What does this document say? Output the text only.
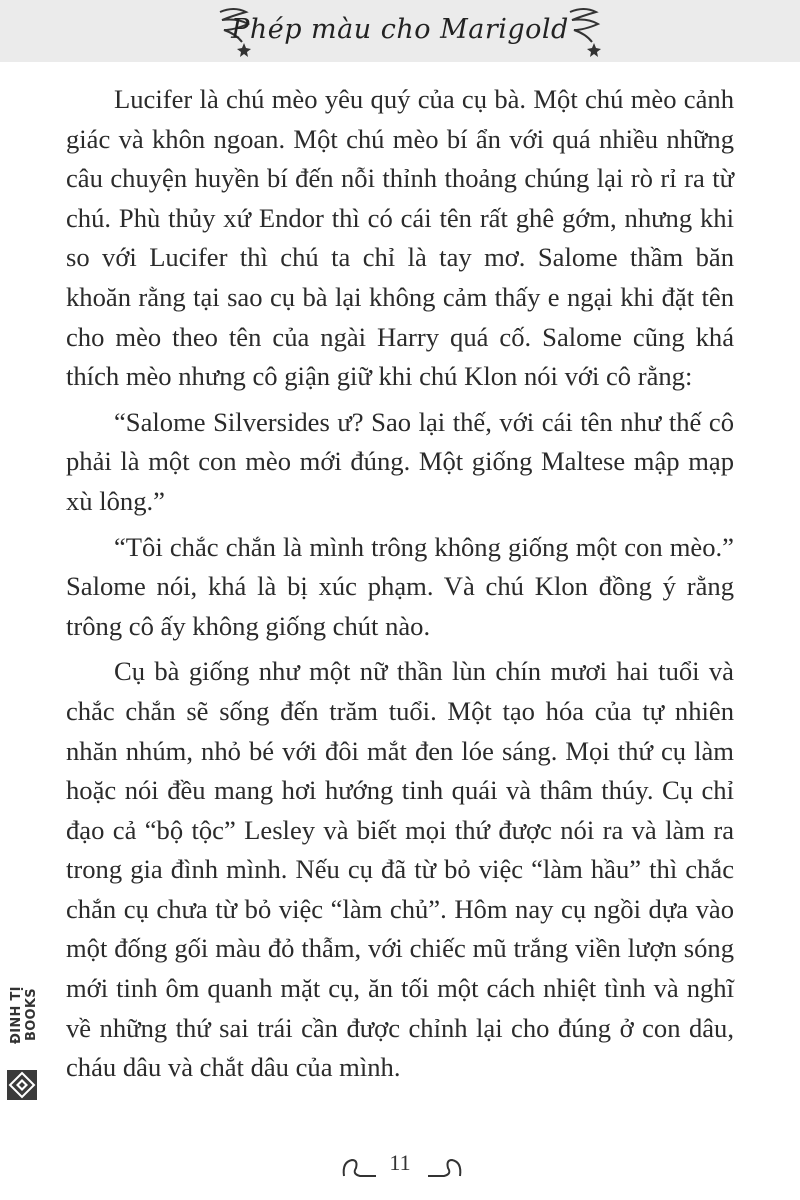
Phép màu cho Marigold

Lucifer là chú mèo yêu quý của cụ bà. Một chú mèo cảnh giác và khôn ngoan. Một chú mèo bí ẩn với quá nhiều những câu chuyện huyền bí đến nỗi thỉnh thoảng chúng lại rò rỉ ra từ chú. Phù thủy xứ Endor thì có cái tên rất ghê gớm, nhưng khi so với Lucifer thì chú ta chỉ là tay mơ. Salome thầm băn khoăn rằng tại sao cụ bà lại không cảm thấy e ngại khi đặt tên cho mèo theo tên của ngài Harry quá cố. Salome cũng khá thích mèo nhưng cô giận giữ khi chú Klon nói với cô rằng:

“Salome Silversides ư? Sao lại thế, với cái tên như thế cô phải là một con mèo mới đúng. Một giống Maltese mập mạp xù lông.”

“Tôi chắc chắn là mình trông không giống một con mèo.” Salome nói, khá là bị xúc phạm. Và chú Klon đồng ý rằng trông cô ấy không giống chút nào.

Cụ bà giống như một nữ thần lùn chín mươi hai tuổi và chắc chắn sẽ sống đến trăm tuổi. Một tạo hóa của tự nhiên nhăn nhúm, nhỏ bé với đôi mắt đen lóe sáng. Mọi thứ cụ làm hoặc nói đều mang hơi hướng tinh quái và thâm thúy. Cụ chỉ đạo cả “bộ tộc” Lesley và biết mọi thứ được nói ra và làm ra trong gia đình mình. Nếu cụ đã từ bỏ việc “làm hầu” thì chắc chắn cụ chưa từ bỏ việc “làm chủ”. Hôm nay cụ ngồi dựa vào một đống gối màu đỏ thẫm, với chiếc mũ trắng viền lượn sóng mới tinh ôm quanh mặt cụ, ăn tối một cách nhiệt tình và nghĩ về những thứ sai trái cần được chỉnh lại cho đúng ở con dâu, cháu dâu và chắt dâu của mình.

ĐINH TỊ BOOKS
11
